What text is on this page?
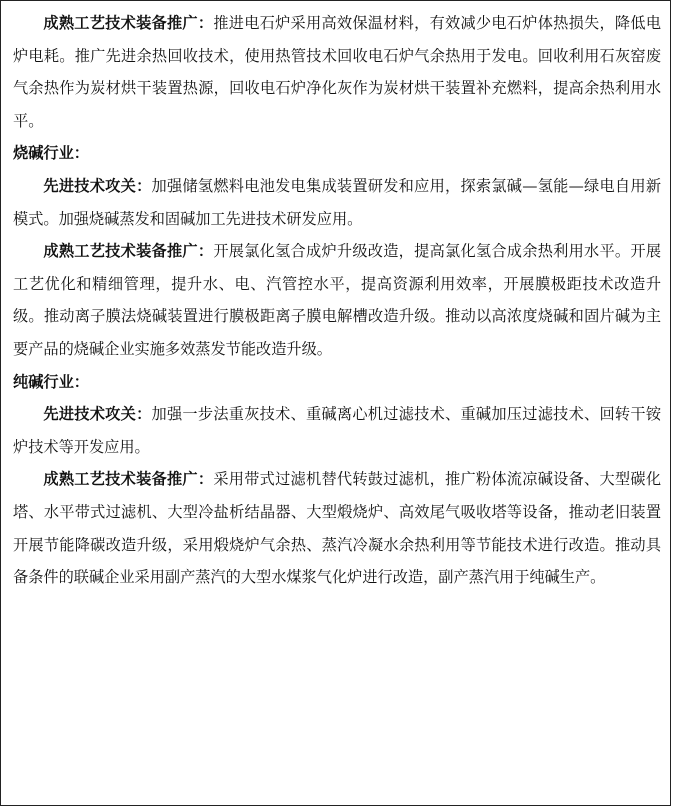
成熟工艺技术装备推广：推进电石炉采用高效保温材料，有效减少电石炉体热损失，降低电炉电耗。推广先进余热回收技术，使用热管技术回收电石炉气余热用于发电。回收利用石灰窑废气余热作为炭材烘干装置热源，回收电石炉净化灰作为炭材烘干装置补充燃料，提高余热利用水平。

烧碱行业：

先进技术攻关：加强储氢燃料电池发电集成装置研发和应用，探索氯碱—氢能—绿电自用新模式。加强烧碱蒸发和固碱加工先进技术研发应用。

成熟工艺技术装备推广：开展氯化氢合成炉升级改造，提高氯化氢合成余热利用水平。开展工艺优化和精细管理，提升水、电、汽管控水平，提高资源利用效率，开展膜极距技术改造升级。推动离子膜法烧碱装置进行膜极距离子膜电解槽改造升级。推动以高浓度烧碱和固片碱为主要产品的烧碱企业实施多效蒸发节能改造升级。

纯碱行业：

先进技术攻关：加强一步法重灰技术、重碱离心机过滤技术、重碱加压过滤技术、回转干铵炉技术等开发应用。

成熟工艺技术装备推广：采用带式过滤机替代转鼓过滤机，推广粉体流凉碱设备、大型碳化塔、水平带式过滤机、大型冷盐析结晶器、大型煅烧炉、高效尾气吸收塔等设备，推动老旧装置开展节能降碳改造升级，采用煅烧炉气余热、蒸汽冷凝水余热利用等节能技术进行改造。推动具备条件的联碱企业采用副产蒸汽的大型水煤浆气化炉进行改造，副产蒸汽用于纯碱生产。
